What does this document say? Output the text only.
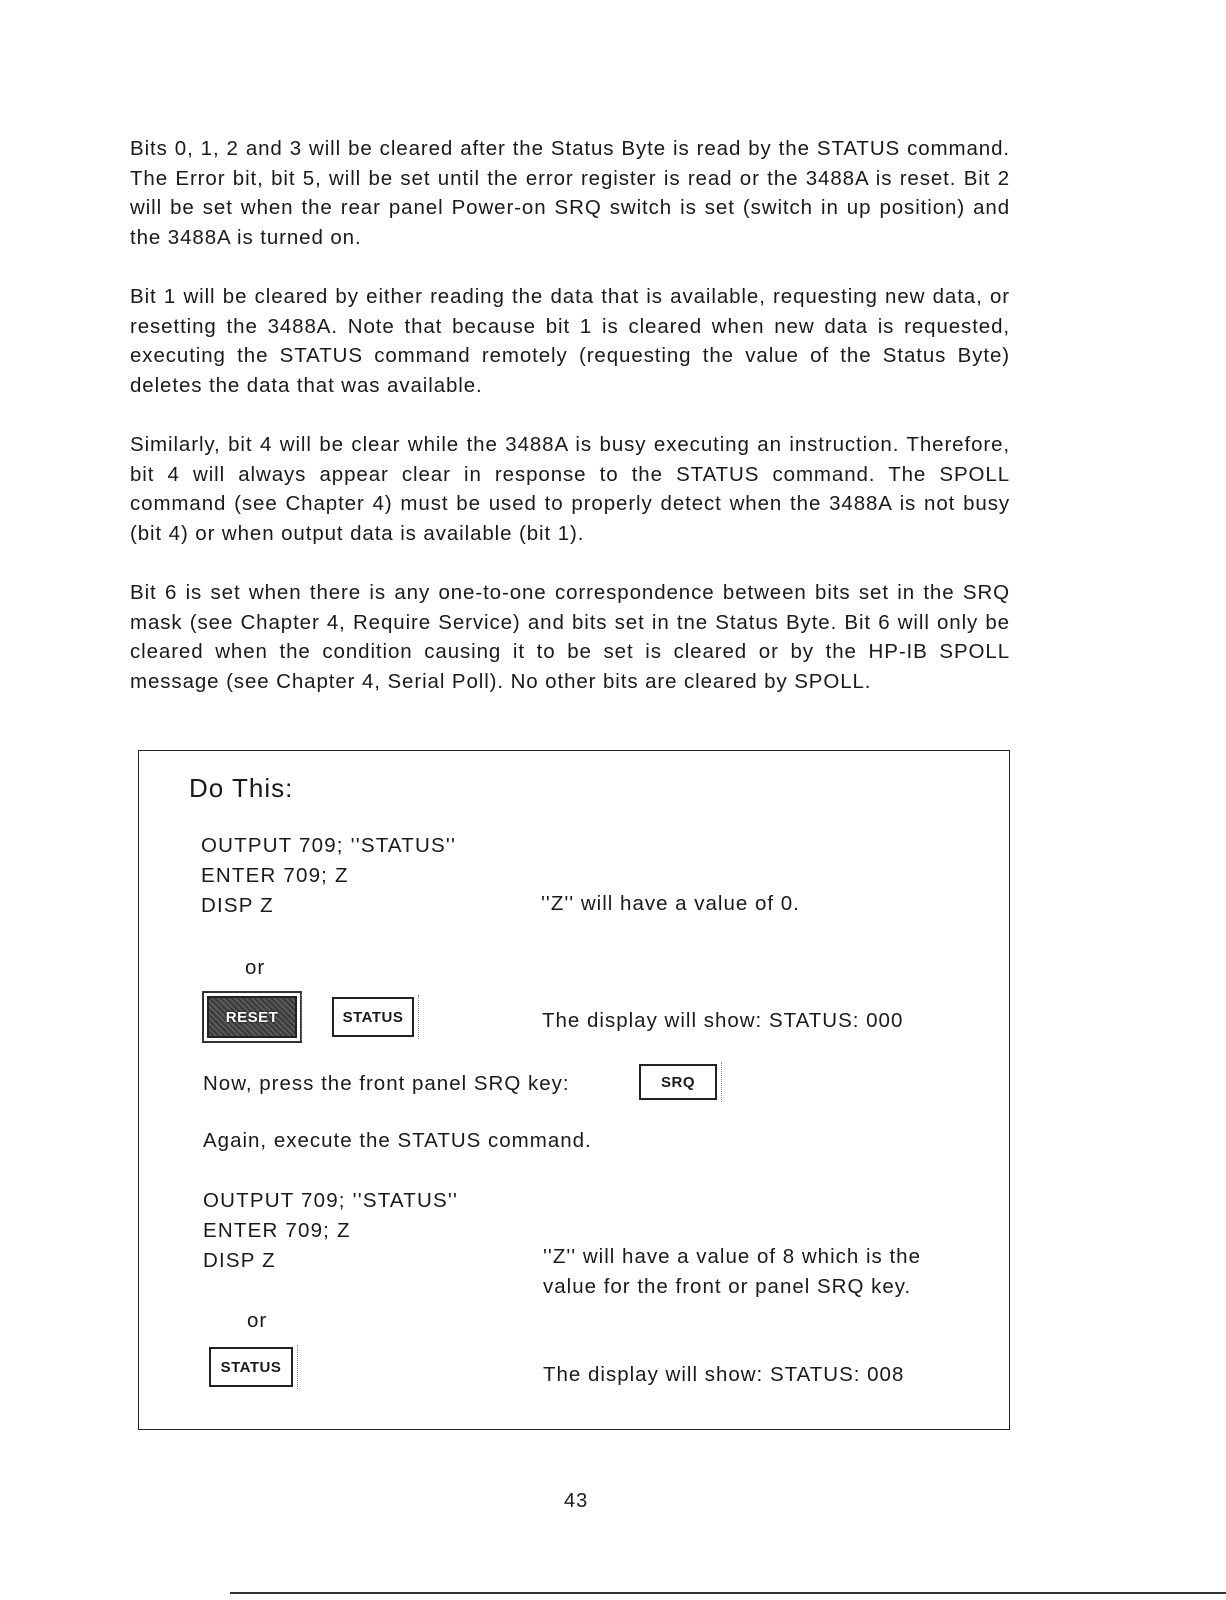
Bits 0, 1, 2 and 3 will be cleared after the Status Byte is read by the STATUS command. The Error bit, bit 5, will be set until the error register is read or the 3488A is reset. Bit 2 will be set when the rear panel Power-on SRQ switch is set (switch in up position) and the 3488A is turned on.

Bit 1 will be cleared by either reading the data that is available, requesting new data, or resetting the 3488A. Note that because bit 1 is cleared when new data is requested, executing the STATUS command remotely (requesting the value of the Status Byte) deletes the data that was available.

Similarly, bit 4 will be clear while the 3488A is busy executing an instruction. Therefore, bit 4 will always appear clear in response to the STATUS command. The SPOLL command (see Chapter 4) must be used to properly detect when the 3488A is not busy (bit 4) or when output data is available (bit 1).

Bit 6 is set when there is any one-to-one correspondence between bits set in the SRQ mask (see Chapter 4, Require Service) and bits set in tne Status Byte. Bit 6 will only be cleared when the condition causing it to be set is cleared or by the HP-IB SPOLL message (see Chapter 4, Serial Poll). No other bits are cleared by SPOLL.

Do This:
OUTPUT 709; ''STATUS''
ENTER 709; Z
DISP Z	''Z'' will have a value of 0.
or
RESET	STATUS	The display will show: STATUS: 000
Now, press the front panel SRQ key:	SRQ
Again, execute the STATUS command.
OUTPUT 709; ''STATUS''
ENTER 709; Z
DISP Z	''Z'' will have a value of 8 which is the
value for the front or panel SRQ key.
or
STATUS	The display will show: STATUS: 008
43
